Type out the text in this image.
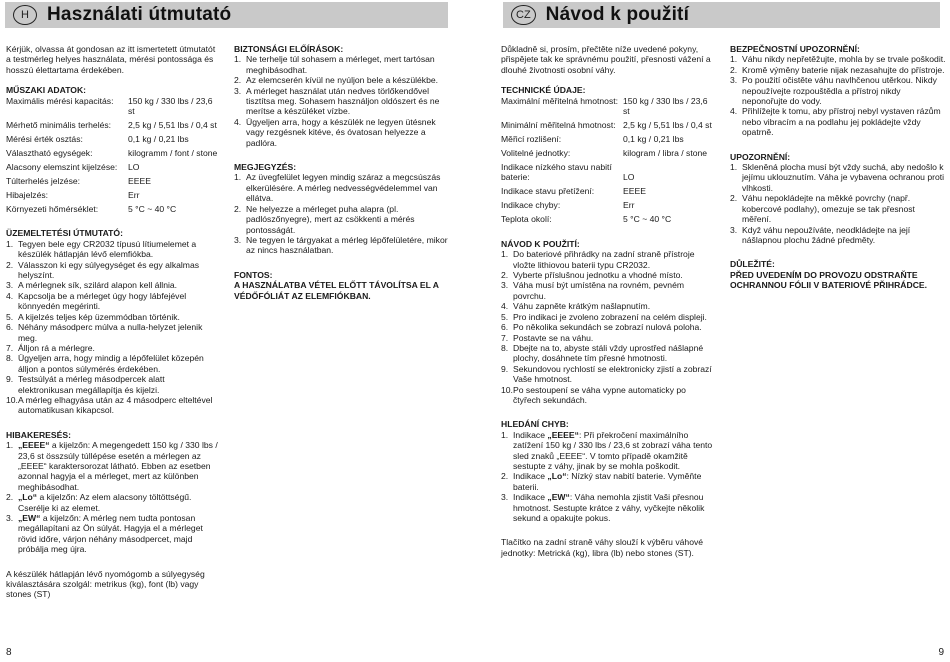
H Használati útmutató

Kérjük, olvassa át gondosan az itt ismertetett útmutatót a testmérleg helyes használata, mérési pontossága és hosszú élettartama érdekében.

MŰSZAKI ADATOK:

Maximális mérési kapacitás:	150 kg / 330 lbs / 23,6 st
Mérhető minimális terhelés:	2,5 kg / 5,51 lbs / 0,4 st
Mérési érték osztás:	0,1 kg / 0,21 lbs
Választható egységek:	kilogramm / font / stone
Alacsony elemszint kijelzése:	LO
Túlterhelés jelzése:	EEEE
Hibajelzés:	Err
Környezeti hőmérséklet:	5 °C ~ 40 °C

ÜZEMELTETÉSI ÚTMUTATÓ:

1. Tegyen bele egy CR2032 típusú lítiumelemet a készülék hátlapján lévő elemfiókba.
2. Válasszon ki egy súlyegységet és egy alkalmas helyszínt.
3. A mérlegnek sík, szilárd alapon kell állnia.
4. Kapcsolja be a mérleget úgy hogy lábfejével könnyedén megérinti.
5. A kijelzés teljes kép üzemmódban történik.
6. Néhány másodperc múlva a nulla-helyzet jelenik meg.
7. Álljon rá a mérlegre.
8. Ügyeljen arra, hogy mindig a lépőfelület közepén álljon a pontos súlymérés érdekében.
9. Testsúlyát a mérleg másodpercek alatt elektronikusan megállapítja és kijelzi.
10. A mérleg elhagyása után az 4 másodperc elteltével automatikusan kikapcsol.

HIBAKERESÉS:

1. „EEEE“ a kijelzőn: A megengedett 150 kg / 330 lbs / 23,6 st összsúly túllépése esetén a mérlegen az „EEEE“ karaktersorozat látható. Ebben az esetben azonnal hagyja el a mérleget, mert az különben meghibásodhat.
2. „Lo“ a kijelzőn: Az elem alacsony töltöttségű. Cserélje ki az elemet.
3. „EW“ a kijelzőn: A mérleg nem tudta pontosan megállapítani az Ön súlyát. Hagyja el a mérleget rövid időre, várjon néhány másodpercet, majd próbálja meg újra.

A készülék hátlapján lévő nyomógomb a súlyegység kiválasztására szolgál: metrikus (kg), font (lb) vagy stones (ST)

BIZTONSÁGI ELŐÍRÁSOK:

1. Ne terhelje túl sohasem a mérleget, mert tartósan meghibásodhat.
2. Az elemcserén kívül ne nyúljon bele a készülékbe.
3. A mérleget használat után nedves törlőkendővel tisztítsa meg. Sohasem használjon oldószert és ne merítse a készüléket vízbe.
4. Ügyeljen arra, hogy a készülék ne legyen ütésnek vagy rezgésnek kitéve, és óvatosan helyezze a padlóra.

MEGJEGYZÉS:

1. Az üvegfelület legyen mindig száraz a megcsúszás elkerülésére. A mérleg nedvességvédelemmel van ellátva.
2. Ne helyezze a mérleget puha alapra (pl. padlószőnyegre), mert az csökkenti a mérés pontosságát.
3. Ne tegyen le tárgyakat a mérleg lépőfelületére, mikor az nincs használatban.

FONTOS:

A HASZNÁLATBA VÉTEL ELŐTT TÁVOLÍTSA EL A VÉDŐFÓLIÁT AZ ELEMFIÓKBAN.

8
CZ Návod k použití

Důkladně si, prosím, přečtěte níže uvedené pokyny, přispějete tak ke správnému použití, přesnosti vážení a dlouhé životnosti osobní váhy.

TECHNICKÉ ÚDAJE:

Maximální měřitelná hmotnost: 150 kg / 330 lbs / 23,6 st
Minimální měřitelná hmotnost: 2,5 kg / 5,51 lbs / 0,4 st
Měřicí rozlišení:	0,1 kg / 0,21 lbs
Volitelné jednotky:	kilogram / libra / stone
Indikace nízkého stavu nabití baterie:	LO
Indikace stavu přetížení:	EEEE
Indikace chyby:	Err
Teplota okolí:	5 °C ~ 40 °C

NÁVOD K POUŽITÍ:

1. Do bateriové přihrádky na zadní straně přístroje vložte lithiovou baterii typu CR2032.
2. Vyberte příslušnou jednotku a vhodné místo.
3. Váha musí být umístěna na rovném, pevném povrchu.
4. Váhu zapněte krátkým našlapnutím.
5. Pro indikaci je zvoleno zobrazení na celém displeji.
6. Po několika sekundách se zobrazí nulová poloha.
7. Postavte se na váhu.
8. Dbejte na to, abyste stáli vždy uprostřed nášlapné plochy, dosáhnete tím přesné hmotnosti.
9. Sekundovou rychlostí se elektronicky zjistí a zobrazí Vaše hmotnost.
10. Po sestoupení se váha vypne automaticky po čtyřech sekundách.

HLEDÁNÍ CHYB:

1. Indikace „EEEE“: Při překročení maximálního zatížení 150 kg / 330 lbs / 23,6 st zobrazí váha tento sled znaků „EEEE“. V tomto případě okamžitě sestupte z váhy, jinak by se mohla poškodit.
2. Indikace „Lo“: Nízký stav nabití baterie. Vyměňte baterii.
3. Indikace „EW“: Váha nemohla zjistit Vaši přesnou hmotnost. Sestupte krátce z váhy, vyčkejte několik sekund a opakujte pokus.

Tlačítko na zadní straně váhy slouží k výběru váhové jednotky: Metrická (kg), libra (lb) nebo stones (ST).

BEZPEČNOSTNÍ UPOZORNĚNÍ:

1. Váhu nikdy nepřetěžujte, mohla by se trvale poškodit.
2. Kromě výměny baterie nijak nezasahujte do přístroje.
3. Po použití očistěte váhu navlhčenou utěrkou. Nikdy nepoužívejte rozpouštědla a přístroj nikdy neponořujte do vody.
4. Přihlížejte k tomu, aby přístroj nebyl vystaven rázům nebo vibracím a na podlahu jej pokládejte vždy opatrně.

UPOZORNĚNÍ:

1. Skleněná plocha musí být vždy suchá, aby nedošlo k jejímu uklouznutím. Váha je vybavena ochranou proti vlhkosti.
2. Váhu nepokládejte na měkké povrchy (např. kobercové podlahy), omezuje se tak přesnost měření.
3. Když váhu nepoužíváte, neodkládejte na její nášlapnou plochu žádné předměty.

DŮLEŽITÉ:

PŘED UVEDENÍM DO PROVOZU ODSTRAŇTE OCHRANNOU FÓLII V BATERIOVÉ PŘIHRÁDCE.

9
